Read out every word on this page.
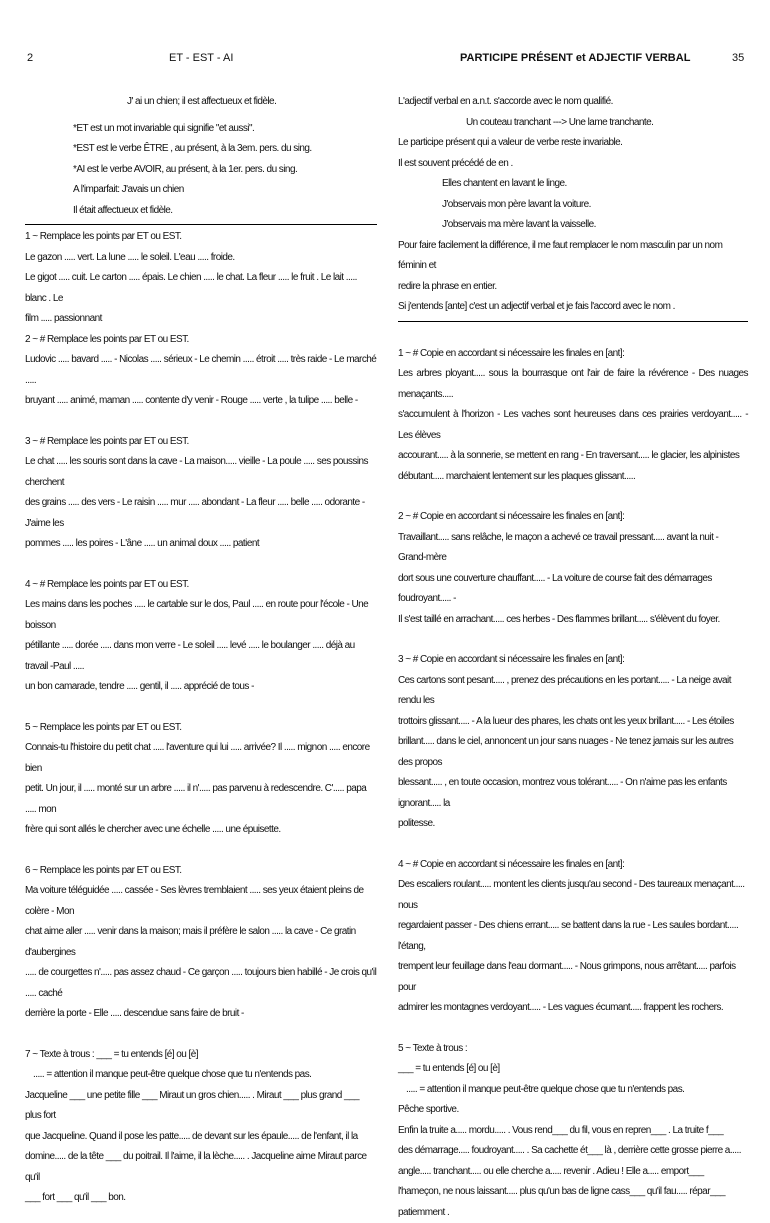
2	ET - EST - AI

J' ai un chien; il est affectueux et fidèle.

*ET est un mot invariable qui signifie "et aussi".

*EST est le verbe ÊTRE , au présent, à la 3em. pers. du sing.

*AI est le verbe AVOIR, au présent, à la 1er. pers. du sing.

A l'imparfait: J'avais un chien

Il était affectueux et fidèle.

1 ~ Remplace les points par ET ou EST.

Le gazon ..... vert. La lune ..... le soleil. L'eau ..... froide.

Le gigot ..... cuit. Le carton ..... épais. Le chien ..... le chat. La fleur ..... le fruit . Le lait ..... blanc . Le

film ..... passionnant

2 ~ # Remplace les points par ET ou EST.

Ludovic ..... bavard ..... - Nicolas ..... sérieux - Le chemin ..... étroit ..... très raide - Le marché .....

bruyant ..... animé, maman ..... contente d'y venir - Rouge ..... verte , la tulipe ..... belle -

3 ~ # Remplace les points par ET ou EST.

Le chat ..... les souris sont dans la cave - La maison..... vieille - La poule ..... ses poussins cherchent

des grains ..... des vers - Le raisin ..... mur ..... abondant - La fleur ..... belle ..... odorante - J'aime les

pommes ..... les poires - L'âne ..... un animal doux ..... patient

4 ~ # Remplace les points par ET ou EST.

Les mains dans les poches ..... le cartable sur le dos, Paul ..... en route pour l'école - Une boisson

pétillante ..... dorée ..... dans mon verre - Le soleil ..... levé ..... le boulanger ..... déjà au travail -Paul .....

un bon camarade, tendre ..... gentil, il ..... apprécié de tous -

5 ~ Remplace les points par ET ou EST.

Connais-tu l'histoire du petit chat ..... l'aventure qui lui ..... arrivée? Il ..... mignon ..... encore bien

petit. Un jour, il ..... monté sur un arbre ..... il n'..... pas parvenu à redescendre. C'..... papa ..... mon

frère qui sont allés le chercher avec une échelle ..... une épuisette.

6 ~ Remplace les points par ET ou EST.

Ma voiture téléguidée ..... cassée - Ses lèvres tremblaient ..... ses yeux étaient pleins de colère - Mon

chat aime aller ..... venir dans la maison; mais il préfère le salon ..... la cave - Ce gratin d'aubergines

..... de courgettes n'..... pas assez chaud - Ce garçon ..... toujours bien habillé - Je crois qu'il ..... caché

derrière la porte - Elle ..... descendue sans faire de bruit -

7 ~ Texte à trous : ___ = tu entends [é] ou [è]

..... = attention il manque peut-être quelque chose que tu n'entends pas.

Jacqueline ___ une petite fille ___ Miraut un gros chien..... . Miraut ___ plus grand ___ plus fort

que Jacqueline. Quand il pose les patte..... de devant sur les épaule..... de l'enfant, il la

domine..... de la tête ___ du poitrail. Il l'aime, il la lèche..... . Jacqueline aime Miraut parce qu'il

___ fort ___ qu'il ___ bon.

PARTICIPE PRÉSENT et ADJECTIF VERBAL	35

L'adjectif verbal en a.n.t. s'accorde avec le nom qualifié.

Un couteau tranchant ---> Une lame tranchante.

Le participe présent qui a valeur de verbe reste invariable.

Il est souvent précédé de en .

Elles chantent en lavant le linge.

J'observais mon père lavant la voiture.

J'observais ma mère lavant la vaisselle.

Pour faire facilement la différence, il me faut remplacer le nom masculin par un nom féminin et

redire la phrase en entier.

Si j'entends [ante] c'est un adjectif verbal et je fais l'accord avec le nom .

1 ~ # Copie en accordant si nécessaire les finales en [ant]:

Les arbres ployant..... sous la bourrasque ont l'air de faire la révérence - Des nuages menaçants.....

s'accumulent à l'horizon - Les vaches sont heureuses dans ces prairies verdoyant..... - Les élèves

accourant..... à la sonnerie, se mettent en rang - En traversant..... le glacier, les alpinistes

débutant..... marchaient lentement sur les plaques glissant.....

2 ~ # Copie en accordant si nécessaire les finales en [ant]:

Travaillant..... sans relâche, le maçon a achevé ce travail pressant..... avant la nuit - Grand-mère

dort sous une couverture chauffant..... - La voiture de course fait des démarrages foudroyant..... -

Il s'est taillé en arrachant..... ces herbes - Des flammes brillant..... s'élèvent du foyer.

3 ~ # Copie en accordant si nécessaire les finales en [ant]:

Ces cartons sont pesant..... , prenez des précautions en les portant..... - La neige avait rendu les

trottoirs glissant..... - A la lueur des phares, les chats ont les yeux brillant..... - Les étoiles

brillant..... dans le ciel, annoncent un jour sans nuages - Ne tenez jamais sur les autres des propos

blessant..... , en toute occasion, montrez vous tolérant..... - On n'aime pas les enfants ignorant..... la

politesse.

4 ~ # Copie en accordant si nécessaire les finales en [ant]:

Des escaliers roulant..... montent les clients jusqu'au second - Des taureaux menaçant..... nous

regardaient passer - Des chiens errant..... se battent dans la rue - Les saules bordant..... l'étang,

trempent leur feuillage dans l'eau dormant..... - Nous grimpons, nous arrêtant..... parfois pour

admirer les montagnes verdoyant..... - Les vagues écumant..... frappent les rochers.

5 ~ Texte à trous :

___ = tu entends [é] ou [è]

..... = attention il manque peut-être quelque chose que tu n'entends pas.

Pêche sportive.

Enfin la truite a..... mordu..... . Vous rend___ du fil, vous en repren___ . La truite f___

des démarrage..... foudroyant..... . Sa cachette ét___ là , derrière cette grosse pierre a.....

angle..... tranchant..... ou elle cherche a..... revenir . Adieu ! Elle a..... emport___

l'hameçon, ne nous laissant..... plus qu'un bas de ligne cass___ qu'il fau..... répar___

patiemment .
